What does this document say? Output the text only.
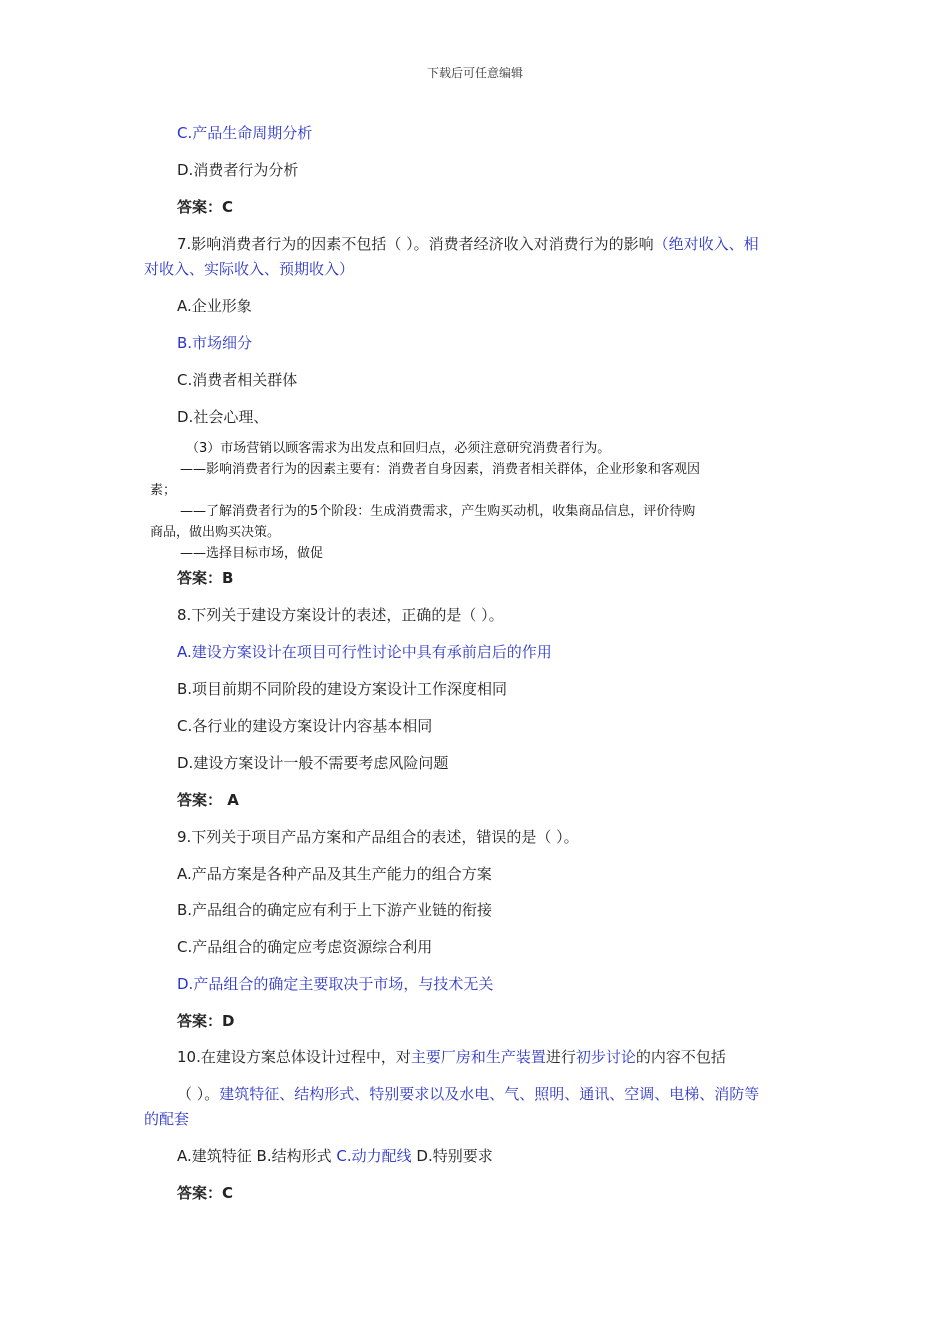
下载后可任意编辑
C.产品生命周期分析
D.消费者行为分析
答案：C
7.影响消费者行为的因素不包括（ ）。消费者经济收入对消费行为的影响（绝对收入、相
对收入、实际收入、预期收入）
A.企业形象
B.市场细分
C.消费者相关群体
D.社会心理、
（3）市场营销以顾客需求为出发点和回归点，必须注意研究消费者行为。
——影响消费者行为的因素主要有：消费者自身因素，消费者相关群体，企业形象和客观因
素；
——了解消费者行为的5个阶段：生成消费需求，产生购买动机，收集商品信息，评价待购
商品，做出购买决策。
——选择目标市场，做促
答案：B
8.下列关于建设方案设计的表述，正确的是（ ）。
A.建设方案设计在项目可行性讨论中具有承前启后的作用
B.项目前期不同阶段的建设方案设计工作深度相同
C.各行业的建设方案设计内容基本相同
D.建设方案设计一般不需要考虑风险问题
答案： A
9.下列关于项目产品方案和产品组合的表述，错误的是（ ）。
A.产品方案是各种产品及其生产能力的组合方案
B.产品组合的确定应有利于上下游产业链的衔接
C.产品组合的确定应考虑资源综合利用
D.产品组合的确定主要取决于市场，与技术无关
答案：D
10.在建设方案总体设计过程中，对主要厂房和生产装置进行初步讨论的内容不包括
（ ）。建筑特征、结构形式、特别要求以及水电、气、照明、通讯、空调、电梯、消防等
的配套
A.建筑特征 B.结构形式 C.动力配线 D.特别要求
答案：C
